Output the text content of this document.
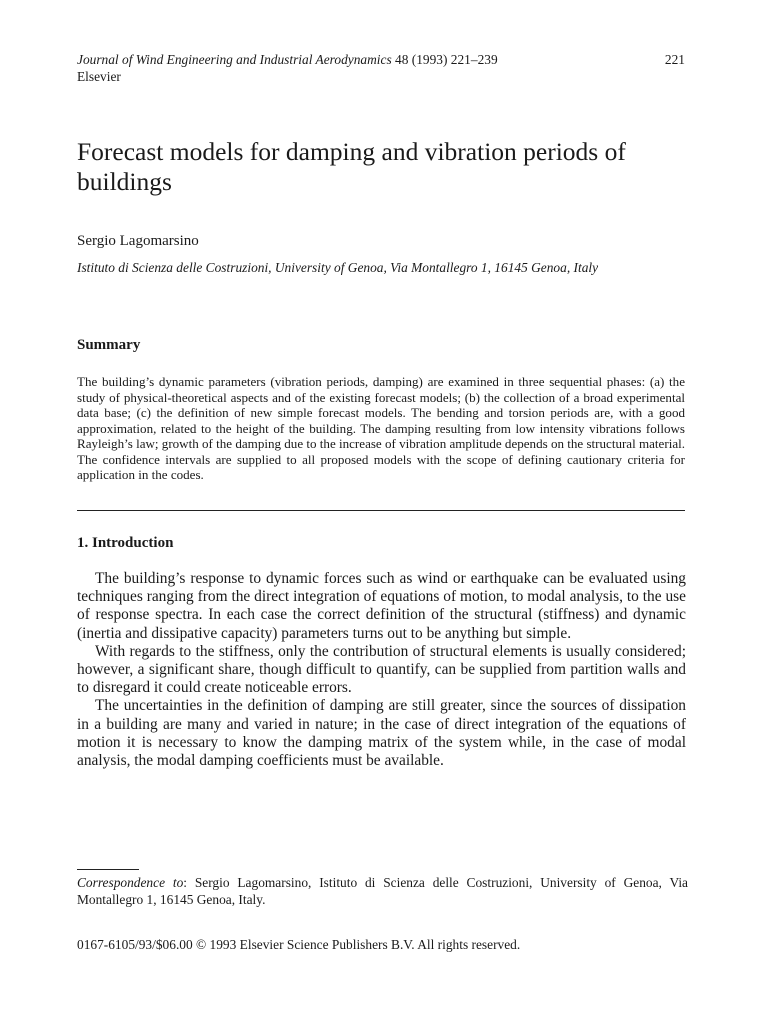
Journal of Wind Engineering and Industrial Aerodynamics 48 (1993) 221–239
Elsevier
221
Forecast models for damping and vibration periods of buildings
Sergio Lagomarsino
Istituto di Scienza delle Costruzioni, University of Genoa, Via Montallegro 1, 16145 Genoa, Italy
Summary

The building’s dynamic parameters (vibration periods, damping) are examined in three sequential phases: (a) the study of physical-theoretical aspects and of the existing forecast models; (b) the collection of a broad experimental data base; (c) the definition of new simple forecast models. The bending and torsion periods are, with a good approximation, related to the height of the building. The damping resulting from low intensity vibrations follows Rayleigh’s law; growth of the damping due to the increase of vibration amplitude depends on the structural material. The confidence intervals are supplied to all proposed models with the scope of defining cautionary criteria for application in the codes.

1. Introduction

The building’s response to dynamic forces such as wind or earthquake can be evaluated using techniques ranging from the direct integration of equations of motion, to modal analysis, to the use of response spectra. In each case the correct definition of the structural (stiffness) and dynamic (inertia and dissipative capacity) parameters turns out to be anything but simple.

With regards to the stiffness, only the contribution of structural elements is usually considered; however, a significant share, though difficult to quantify, can be supplied from partition walls and to disregard it could create noticeable errors.

The uncertainties in the definition of damping are still greater, since the sources of dissipation in a building are many and varied in nature; in the case of direct integration of the equations of motion it is necessary to know the damping matrix of the system while, in the case of modal analysis, the modal damping coefficients must be available.

Correspondence to: Sergio Lagomarsino, Istituto di Scienza delle Costruzioni, University of Genoa, Via Montallegro 1, 16145 Genoa, Italy.
0167-6105/93/$06.00 © 1993 Elsevier Science Publishers B.V. All rights reserved.
